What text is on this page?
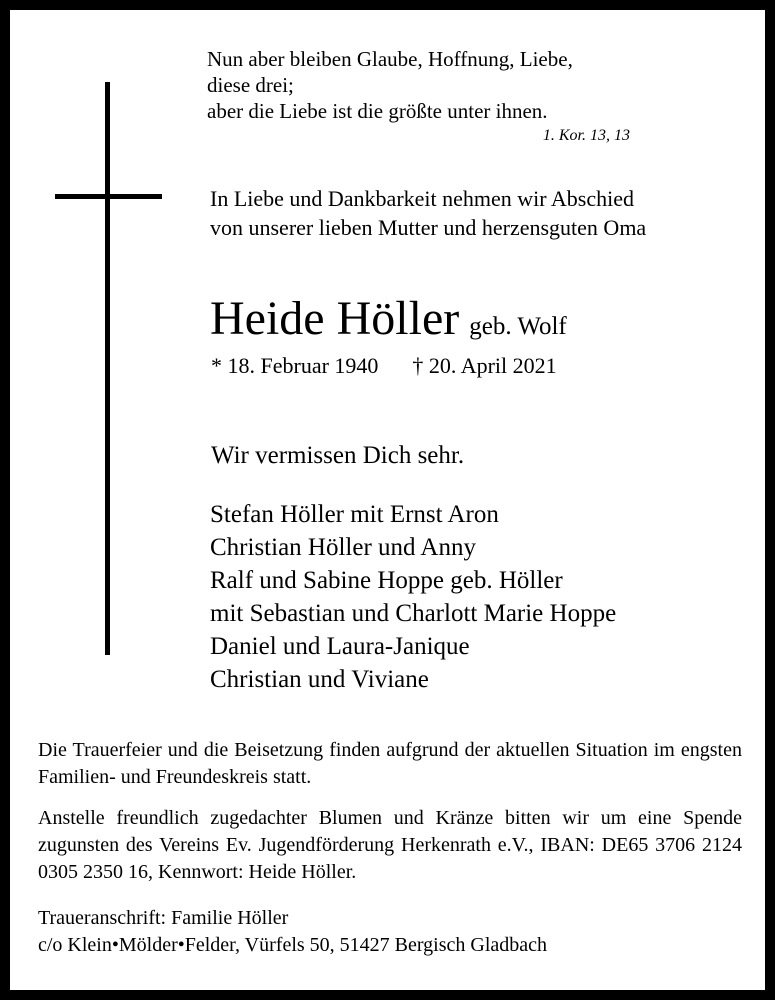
Nun aber bleiben Glaube, Hoffnung, Liebe,
diese drei;
aber die Liebe ist die größte unter ihnen.
1. Kor. 13, 13
In Liebe und Dankbarkeit nehmen wir Abschied
von unserer lieben Mutter und herzensguten Oma
Heide Höller geb. Wolf
* 18. Februar 1940 † 20. April 2021
Wir vermissen Dich sehr.
Stefan Höller mit Ernst Aron
Christian Höller und Anny
Ralf und Sabine Hoppe geb. Höller
mit Sebastian und Charlott Marie Hoppe
Daniel und Laura-Janique
Christian und Viviane
Die Trauerfeier und die Beisetzung finden aufgrund der aktuellen Situation im engsten Familien- und Freundeskreis statt.
Anstelle freundlich zugedachter Blumen und Kränze bitten wir um eine Spende zugunsten des Vereins Ev. Jugendförderung Herkenrath e.V., IBAN: DE65 3706 2124 0305 2350 16, Kennwort: Heide Höller.
Traueranschrift: Familie Höller
c/o Klein•Mölder•Felder, Vürfels 50, 51427 Bergisch Gladbach
